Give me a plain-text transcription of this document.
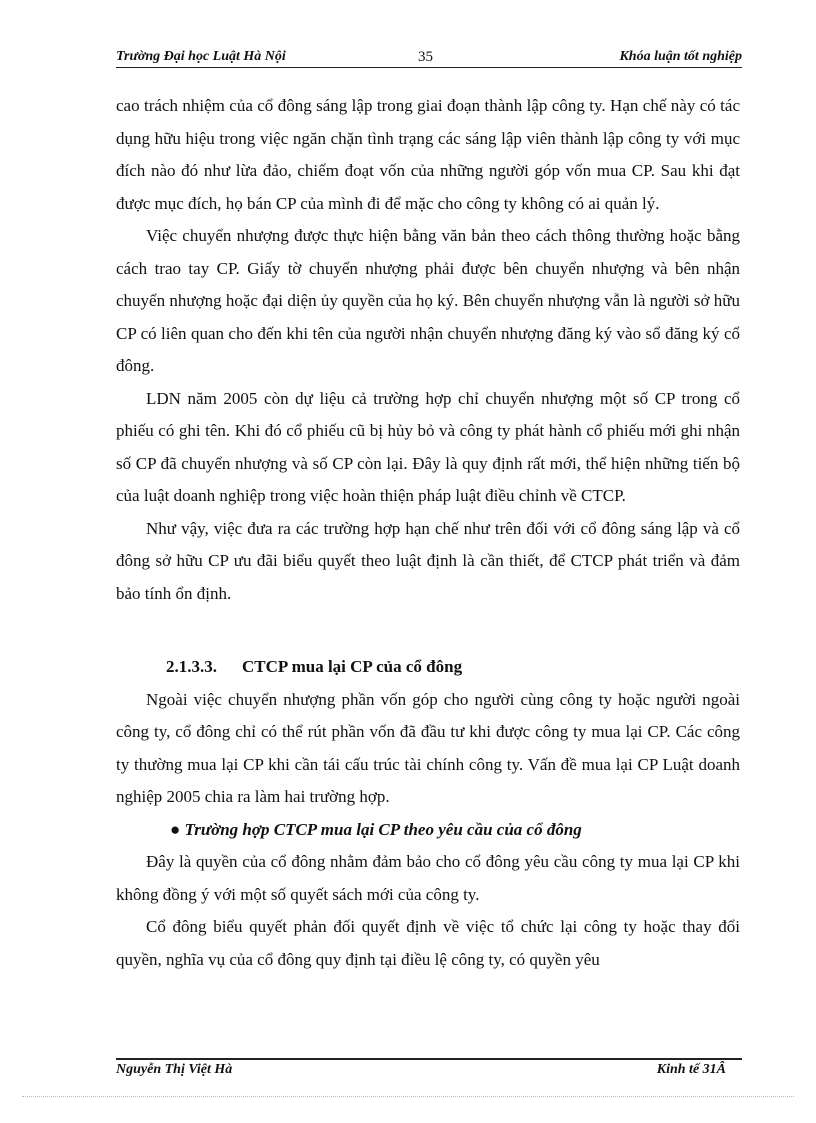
Trường Đại học Luật Hà Nội	35	Khóa luận tốt nghiệp

cao trách nhiệm của cổ đông sáng lập trong giai đoạn thành lập công ty. Hạn chế này có tác dụng hữu hiệu trong việc ngăn chặn tình trạng các sáng lập viên thành lập công ty với mục đích nào đó như lừa đảo, chiếm đoạt vốn của những người góp vốn mua CP. Sau khi đạt được mục đích, họ bán CP của mình đi để mặc cho công ty không có ai quản lý.

Việc chuyển nhượng được thực hiện bằng văn bản theo cách thông thường hoặc bằng cách trao tay CP. Giấy tờ chuyển nhượng phải được bên chuyển nhượng và bên nhận chuyển nhượng hoặc đại diện ủy quyền của họ ký. Bên chuyển nhượng vẫn là người sở hữu CP có liên quan cho đến khi tên của người nhận chuyển nhượng đăng ký vào sổ đăng ký cổ đông.

LDN năm 2005 còn dự liệu cả trường hợp chỉ chuyển nhượng một số CP trong cổ phiếu có ghi tên. Khi đó cổ phiếu cũ bị hủy bỏ và công ty phát hành cổ phiếu mới ghi nhận số CP đã chuyển nhượng và số CP còn lại. Đây là quy định rất mới, thể hiện những tiến bộ của luật doanh nghiệp trong việc hoàn thiện pháp luật điều chỉnh về CTCP.

Như vậy, việc đưa ra các trường hợp hạn chế như trên đối với cổ đông sáng lập và cổ đông sở hữu CP ưu đãi biểu quyết theo luật định là cần thiết, để CTCP phát triển và đảm bảo tính ổn định.

2.1.3.3. CTCP mua lại CP của cổ đông

Ngoài việc chuyển nhượng phần vốn góp cho người cùng công ty hoặc người ngoài công ty, cổ đông chỉ có thể rút phần vốn đã đầu tư khi được công ty mua lại CP. Các công ty thường mua lại CP khi cần tái cấu trúc tài chính công ty. Vấn đề mua lại CP Luật doanh nghiệp 2005 chia ra làm hai trường hợp.

● Trường hợp CTCP mua lại CP theo yêu cầu của cổ đông

Đây là quyền của cổ đông nhằm đảm bảo cho cổ đông yêu cầu công ty mua lại CP khi không đồng ý với một số quyết sách mới của công ty.

Cổ đông biểu quyết phản đối quyết định về việc tổ chức lại công ty hoặc thay đổi quyền, nghĩa vụ của cổ đông quy định tại điều lệ công ty, có quyền yêu

Nguyễn Thị Việt Hà	Kinh tế 31Â
